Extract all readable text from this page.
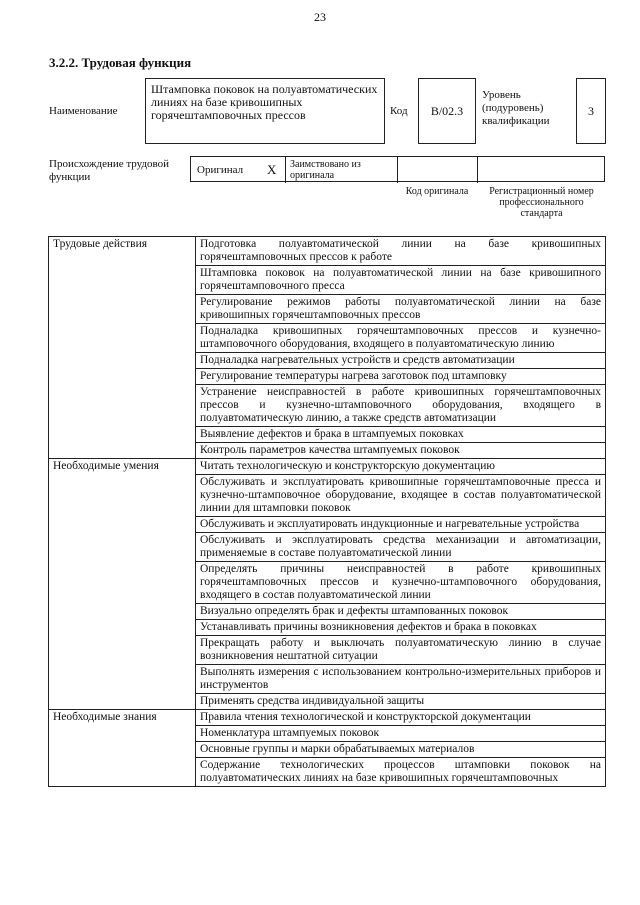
23
3.2.2. Трудовая функция
Наименование
Штамповка поковок на полуавтоматических линиях на базе кривошипных горячештамповочных прессов	Код B/02.3
Уровень (подуровень) квалификации
3
Происхождение трудовой функции
Оригинал X Заимствовано из оригинала
Код оригинала	Регистрационный номер профессионального стандарта
Трудовые действия	Подготовка полуавтоматической линии на базе кривошипных горячештамповочных прессов к работе
	Штамповка поковок на полуавтоматической линии на базе кривошипного горячештамповочного пресса
	Регулирование режимов работы полуавтоматической линии на базе кривошипных горячештамповочных прессов
	Подналадка кривошипных горячештамповочных прессов и кузнечно-штамповочного оборудования, входящего в полуавтоматическую линию
	Подналадка нагревательных устройств и средств автоматизации
	Регулирование температуры нагрева заготовок под штамповку
	Устранение неисправностей в работе кривошипных горячештамповочных прессов и кузнечно-штамповочного оборудования, входящего в полуавтоматическую линию, а также средств автоматизации
	Выявление дефектов и брака в штампуемых поковках
	Контроль параметров качества штампуемых поковок
Необходимые умения	Читать технологическую и конструкторскую документацию
	Обслуживать и эксплуатировать кривошипные горячештамповочные пресса и кузнечно-штамповочное оборудование, входящее в состав полуавтоматической линии для штамповки поковок
	Обслуживать и эксплуатировать индукционные и нагревательные устройства
	Обслуживать и эксплуатировать средства механизации и автоматизации, применяемые в составе полуавтоматической линии
	Определять причины неисправностей в работе кривошипных горячештамповочных прессов и кузнечно-штамповочного оборудования, входящего в состав полуавтоматической линии
	Визуально определять брак и дефекты штампованных поковок
	Устанавливать причины возникновения дефектов и брака в поковках
	Прекращать работу и выключать полуавтоматическую линию в случае возникновения нештатной ситуации
	Выполнять измерения с использованием контрольно-измерительных приборов и инструментов
	Применять средства индивидуальной защиты
Необходимые знания	Правила чтения технологической и конструкторской документации
	Номенклатура штампуемых поковок
	Основные группы и марки обрабатываемых материалов
	Содержание технологических процессов штамповки поковок на полуавтоматических линиях на базе кривошипных горячештамповочных
